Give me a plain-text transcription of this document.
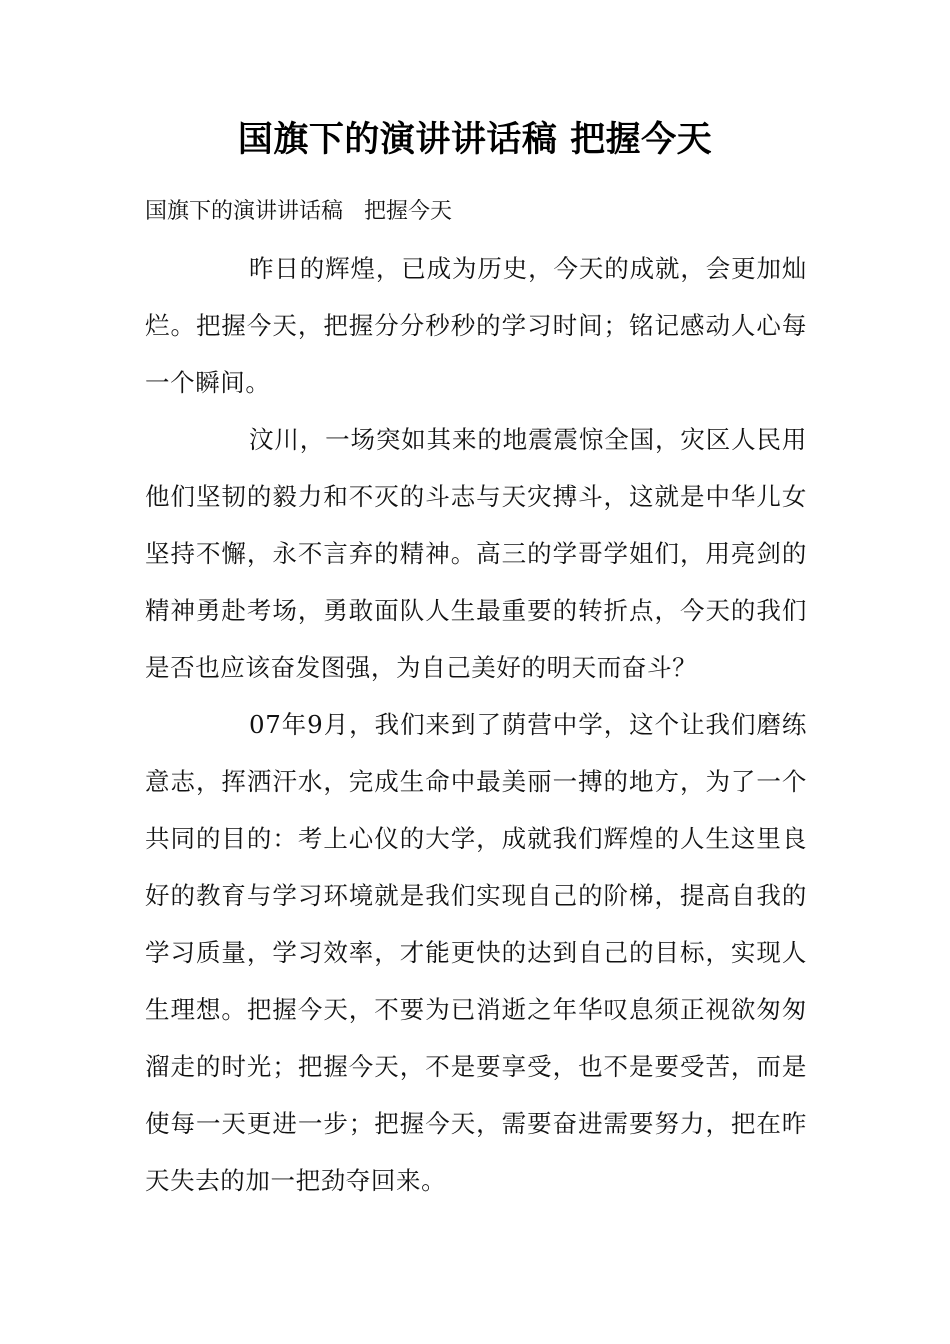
国旗下的演讲讲话稿 把握今天
国旗下的演讲讲话稿   把握今天

昨日的辉煌，已成为历史，今天的成就，会更加灿烂。把握今天，把握分分秒秒的学习时间；铭记感动人心每一个瞬间。

汶川，一场突如其来的地震震惊全国，灾区人民用他们坚韧的毅力和不灭的斗志与天灾搏斗，这就是中华儿女坚持不懈，永不言弃的精神。高三的学哥学姐们，用亮剑的精神勇赴考场，勇敢面队人生最重要的转折点，今天的我们是否也应该奋发图强，为自己美好的明天而奋斗？

07年9月，我们来到了荫营中学，这个让我们磨练意志，挥洒汗水，完成生命中最美丽一搏的地方，为了一个共同的目的：考上心仪的大学，成就我们辉煌的人生这里良好的教育与学习环境就是我们实现自己的阶梯，提高自我的学习质量，学习效率，才能更快的达到自己的目标，实现人生理想。把握今天，不要为已消逝之年华叹息须正视欲匆匆溜走的时光；把握今天，不是要享受，也不是要受苦，而是使每一天更进一步；把握今天，需要奋进需要努力，把在昨天失去的加一把劲夺回来。
